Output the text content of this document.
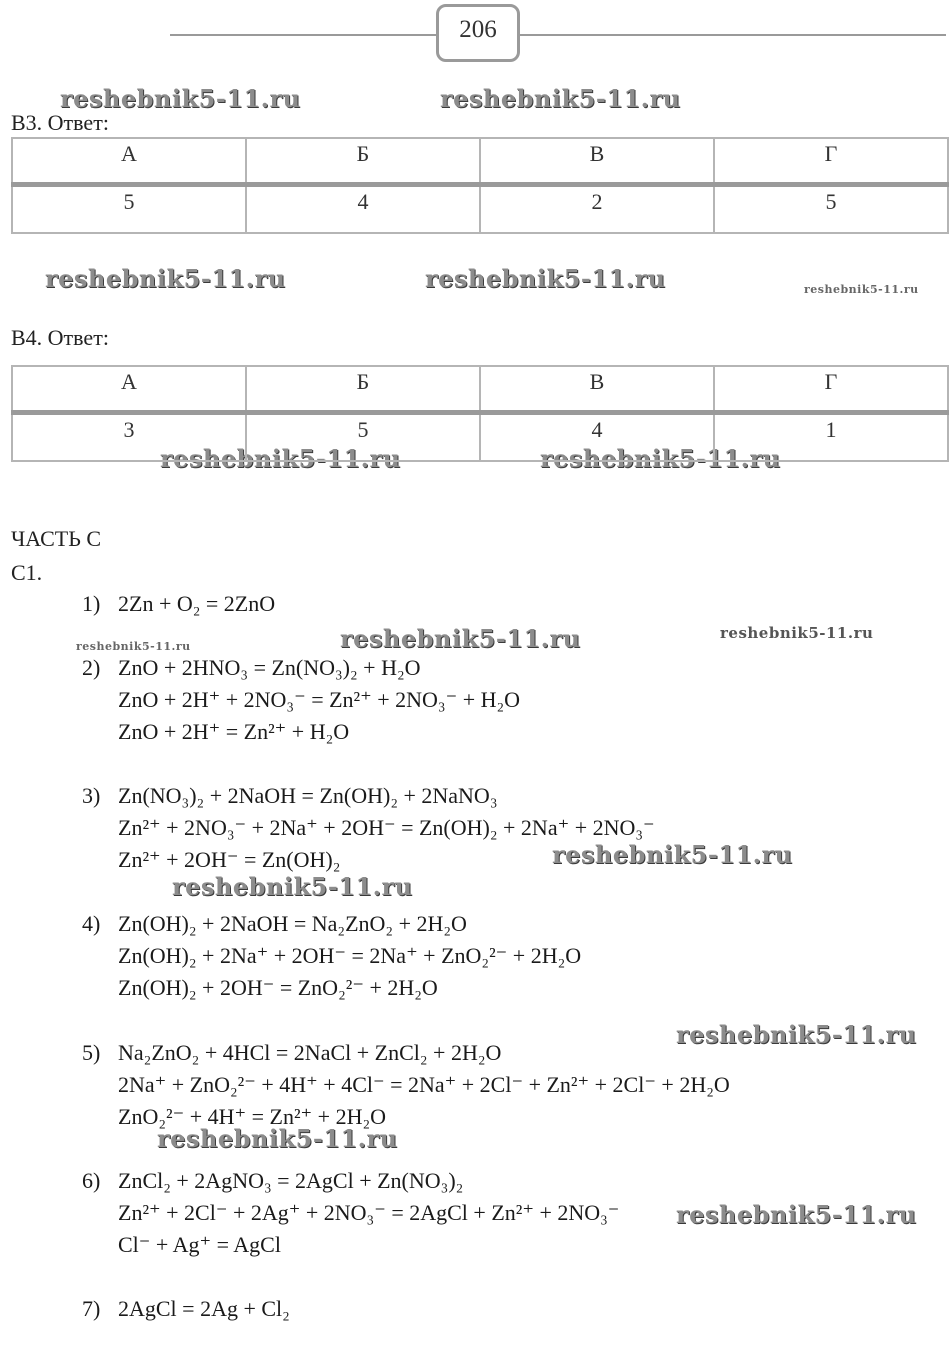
206
reshebnik5-11.ru	reshebnik5-11.ru
reshebnik5-11.ru	reshebnik5-11.ru	reshebnik5-11.ru
reshebnik5-11.ru	reshebnik5-11.ru
reshebnik5-11.ru	reshebnik5-11.ru	reshebnik5-11.ru
reshebnik5-11.ru
reshebnik5-11.ru
reshebnik5-11.ru
reshebnik5-11.ru
reshebnik5-11.ru
В3. Ответ:
А	Б	В	Г
5	4	2	5
В4. Ответ:
А	Б	В	Г
3	5	4	1
ЧАСТЬ С
С1.
1) 2Zn + O₂ = 2ZnO
2) ZnO + 2HNO₃ = Zn(NO₃)₂ + H₂O
ZnO + 2H⁺ + 2NO₃⁻ = Zn²⁺ + 2NO₃⁻ + H₂O
ZnO + 2H⁺ = Zn²⁺ + H₂O
3) Zn(NO₃)₂ + 2NaOH = Zn(OH)₂ + 2NaNO₃
Zn²⁺ + 2NO₃⁻ + 2Na⁺ + 2OH⁻ = Zn(OH)₂ + 2Na⁺ + 2NO₃⁻
Zn²⁺ + 2OH⁻ = Zn(OH)₂
4) Zn(OH)₂ + 2NaOH = Na₂ZnO₂ + 2H₂O
Zn(OH)₂ + 2Na⁺ + 2OH⁻ = 2Na⁺ + ZnO₂²⁻ + 2H₂O
Zn(OH)₂ + 2OH⁻ = ZnO₂²⁻ + 2H₂O
5) Na₂ZnO₂ + 4HCl = 2NaCl + ZnCl₂ + 2H₂O
2Na⁺ + ZnO₂²⁻ + 4H⁺ + 4Cl⁻ = 2Na⁺ + 2Cl⁻ + Zn²⁺ + 2Cl⁻ + 2H₂O
ZnO₂²⁻ + 4H⁺ = Zn²⁺ + 2H₂O
6) ZnCl₂ + 2AgNO₃ = 2AgCl + Zn(NO₃)₂
Zn²⁺ + 2Cl⁻ + 2Ag⁺ + 2NO₃⁻ = 2AgCl + Zn²⁺ + 2NO₃⁻
Cl⁻ + Ag⁺ = AgCl
7) 2AgCl = 2Ag + Cl₂
